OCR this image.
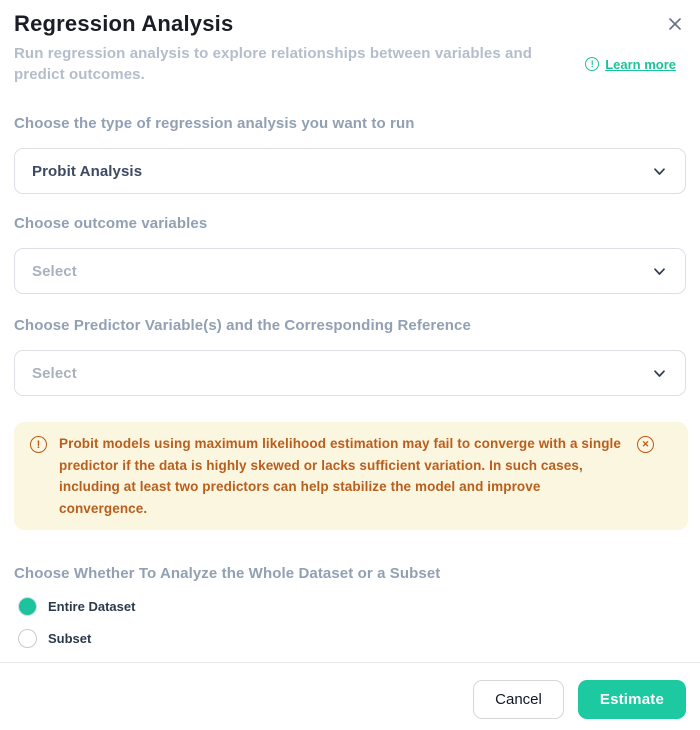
Regression Analysis

Run regression analysis to explore relationships between variables and predict outcomes.

! Learn more
Choose the type of regression analysis you want to run
Probit Analysis
Choose outcome variables
Select
Choose Predictor Variable(s) and the Corresponding Reference
Select
!	Probit models using maximum likelihood estimation may fail to converge with a single predictor if the data is highly skewed or lacks sufficient variation. In such cases, including at least two predictors can help stabilize the model and improve convergence.

✕
Choose Whether To Analyze the Whole Dataset or a Subset
Entire Dataset
Subset
Cancel	Estimate
